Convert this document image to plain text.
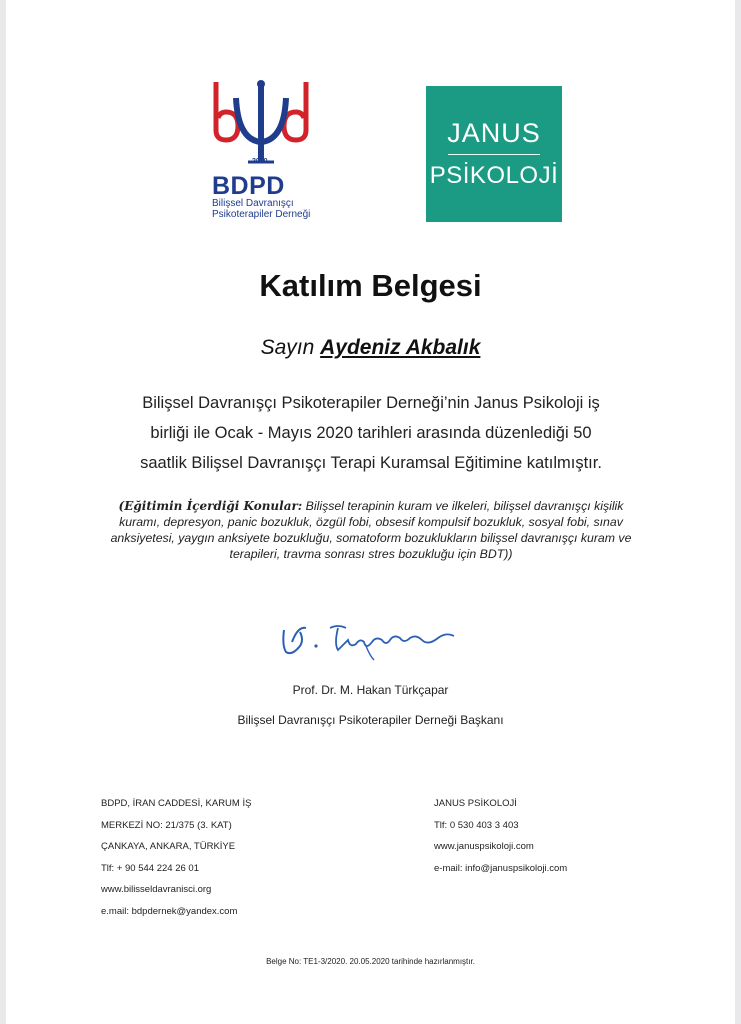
2010
BDPD
Bilişsel Davranışçı
Psikoterapiler Derneği
JANUS
PSİKOLOJİ
Katılım Belgesi
Sayın Aydeniz Akbalık
Bilişsel Davranışçı Psikoterapiler Derneği’nin Janus Psikoloji iş
birliği ile Ocak - Mayıs 2020 tarihleri arasında düzenlediği 50
saatlik Bilişsel Davranışçı Terapi Kuramsal Eğitimine katılmıştır.
(Eğitimin İçerdiği Konular: Bilişsel terapinin kuram ve ilkeleri, bilişsel davranışçı kişilik kuramı, depresyon, panic bozukluk, özgül fobi, obsesif kompulsif bozukluk, sosyal fobi, sınav anksiyetesi, yaygın anksiyete bozukluğu, somatoform bozuklukların bilişsel davranışçı kuram ve terapileri, travma sonrası stres bozukluğu için BDT))
Prof. Dr. M. Hakan Türkçapar
Bilişsel Davranışçı Psikoterapiler Derneği Başkanı
BDPD, İRAN CADDESİ, KARUM İŞ
MERKEZİ NO: 21/375 (3. KAT)
ÇANKAYA, ANKARA, TÜRKİYE
Tlf: + 90 544 224 26 01
www.bilisseldavranisci.org
e.mail: bdpdernek@yandex.com
JANUS PSİKOLOJİ
Tlf: 0 530 403 3 403
www.januspsikoloji.com
e-mail: info@januspsikoloji.com
Belge No: TE1-3/2020. 20.05.2020 tarihinde hazırlanmıştır.
